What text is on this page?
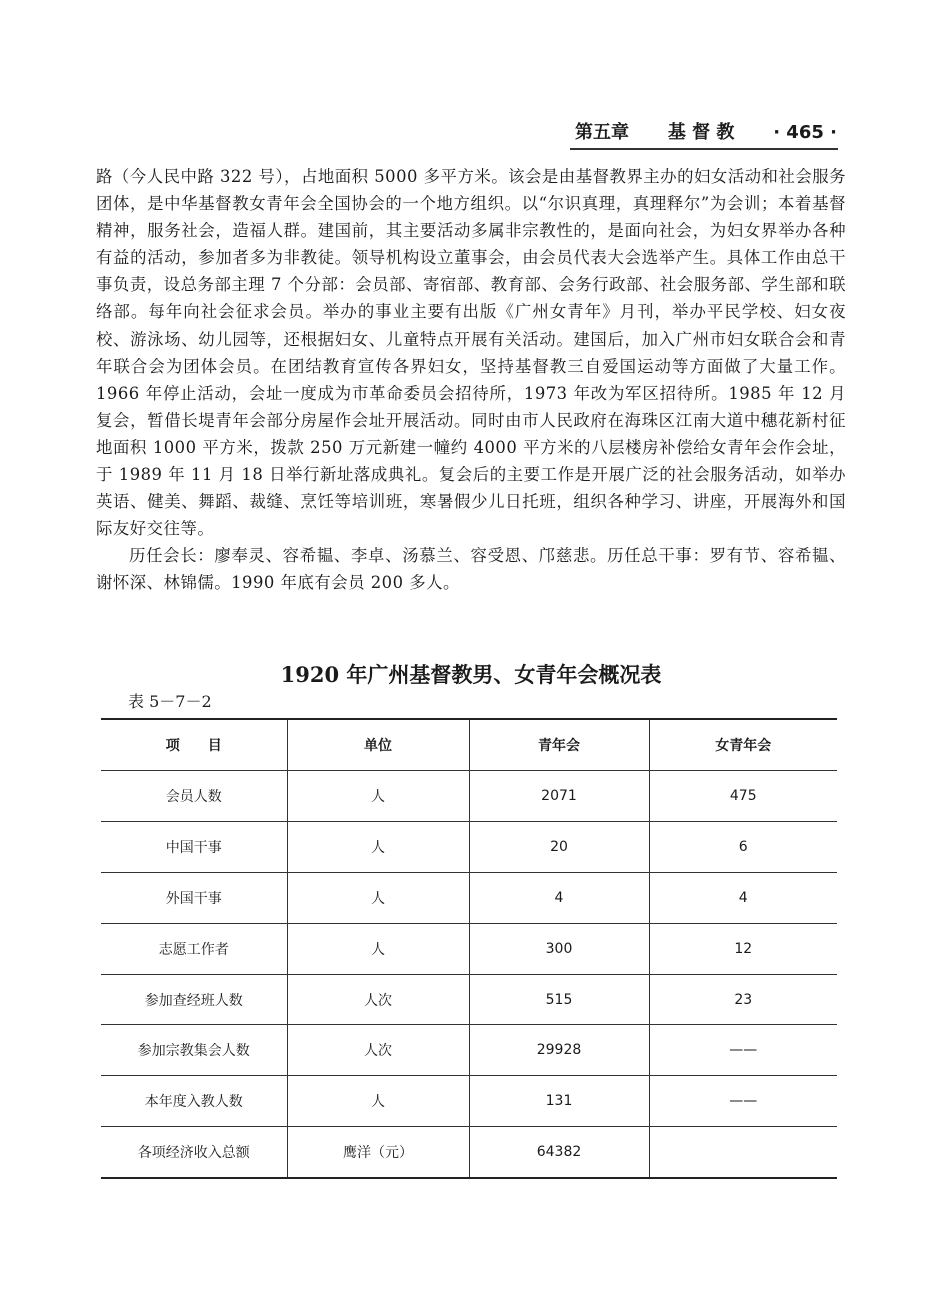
第五章 基 督 教 · 465 ·

路（今人民中路 322 号），占地面积 5000 多平方米。该会是由基督教界主办的妇女活动和社会服务团体，是中华基督教女青年会全国协会的一个地方组织。以“尔识真理，真理释尔”为会训；本着基督精神，服务社会，造福人群。建国前，其主要活动多属非宗教性的，是面向社会，为妇女界举办各种有益的活动，参加者多为非教徒。领导机构设立董事会，由会员代表大会选举产生。具体工作由总干事负责，设总务部主理 7 个分部：会员部、寄宿部、教育部、会务行政部、社会服务部、学生部和联络部。每年向社会征求会员。举办的事业主要有出版《广州女青年》月刊，举办平民学校、妇女夜校、游泳场、幼儿园等，还根据妇女、儿童特点开展有关活动。建国后，加入广州市妇女联合会和青年联合会为团体会员。在团结教育宣传各界妇女，坚持基督教三自爱国运动等方面做了大量工作。1966 年停止活动，会址一度成为市革命委员会招待所，1973 年改为军区招待所。1985 年 12 月复会，暂借长堤青年会部分房屋作会址开展活动。同时由市人民政府在海珠区江南大道中穗花新村征地面积 1000 平方米，拨款 250 万元新建一幢约 4000 平方米的八层楼房补偿给女青年会作会址，于 1989 年 11 月 18 日举行新址落成典礼。复会后的主要工作是开展广泛的社会服务活动，如举办英语、健美、舞蹈、裁缝、烹饪等培训班，寒暑假少儿日托班，组织各种学习、讲座，开展海外和国际友好交往等。

历任会长：廖奉灵、容希韫、李卓、汤慕兰、容受恩、邝慈悲。历任总干事：罗有节、容希韫、谢怀深、林锦儒。1990 年底有会员 200 多人。

1920 年广州基督教男、女青年会概况表
表 5－7－2
项　　目	单位	青年会	女青年会
会员人数	人	2071	475
中国干事	人	20	6
外国干事	人	4	4
志愿工作者	人	300	12
参加查经班人数	人次	515	23
参加宗教集会人数	人次	29928	——
本年度入教人数	人	131	——
各项经济收入总额	鹰洋（元）	64382	
